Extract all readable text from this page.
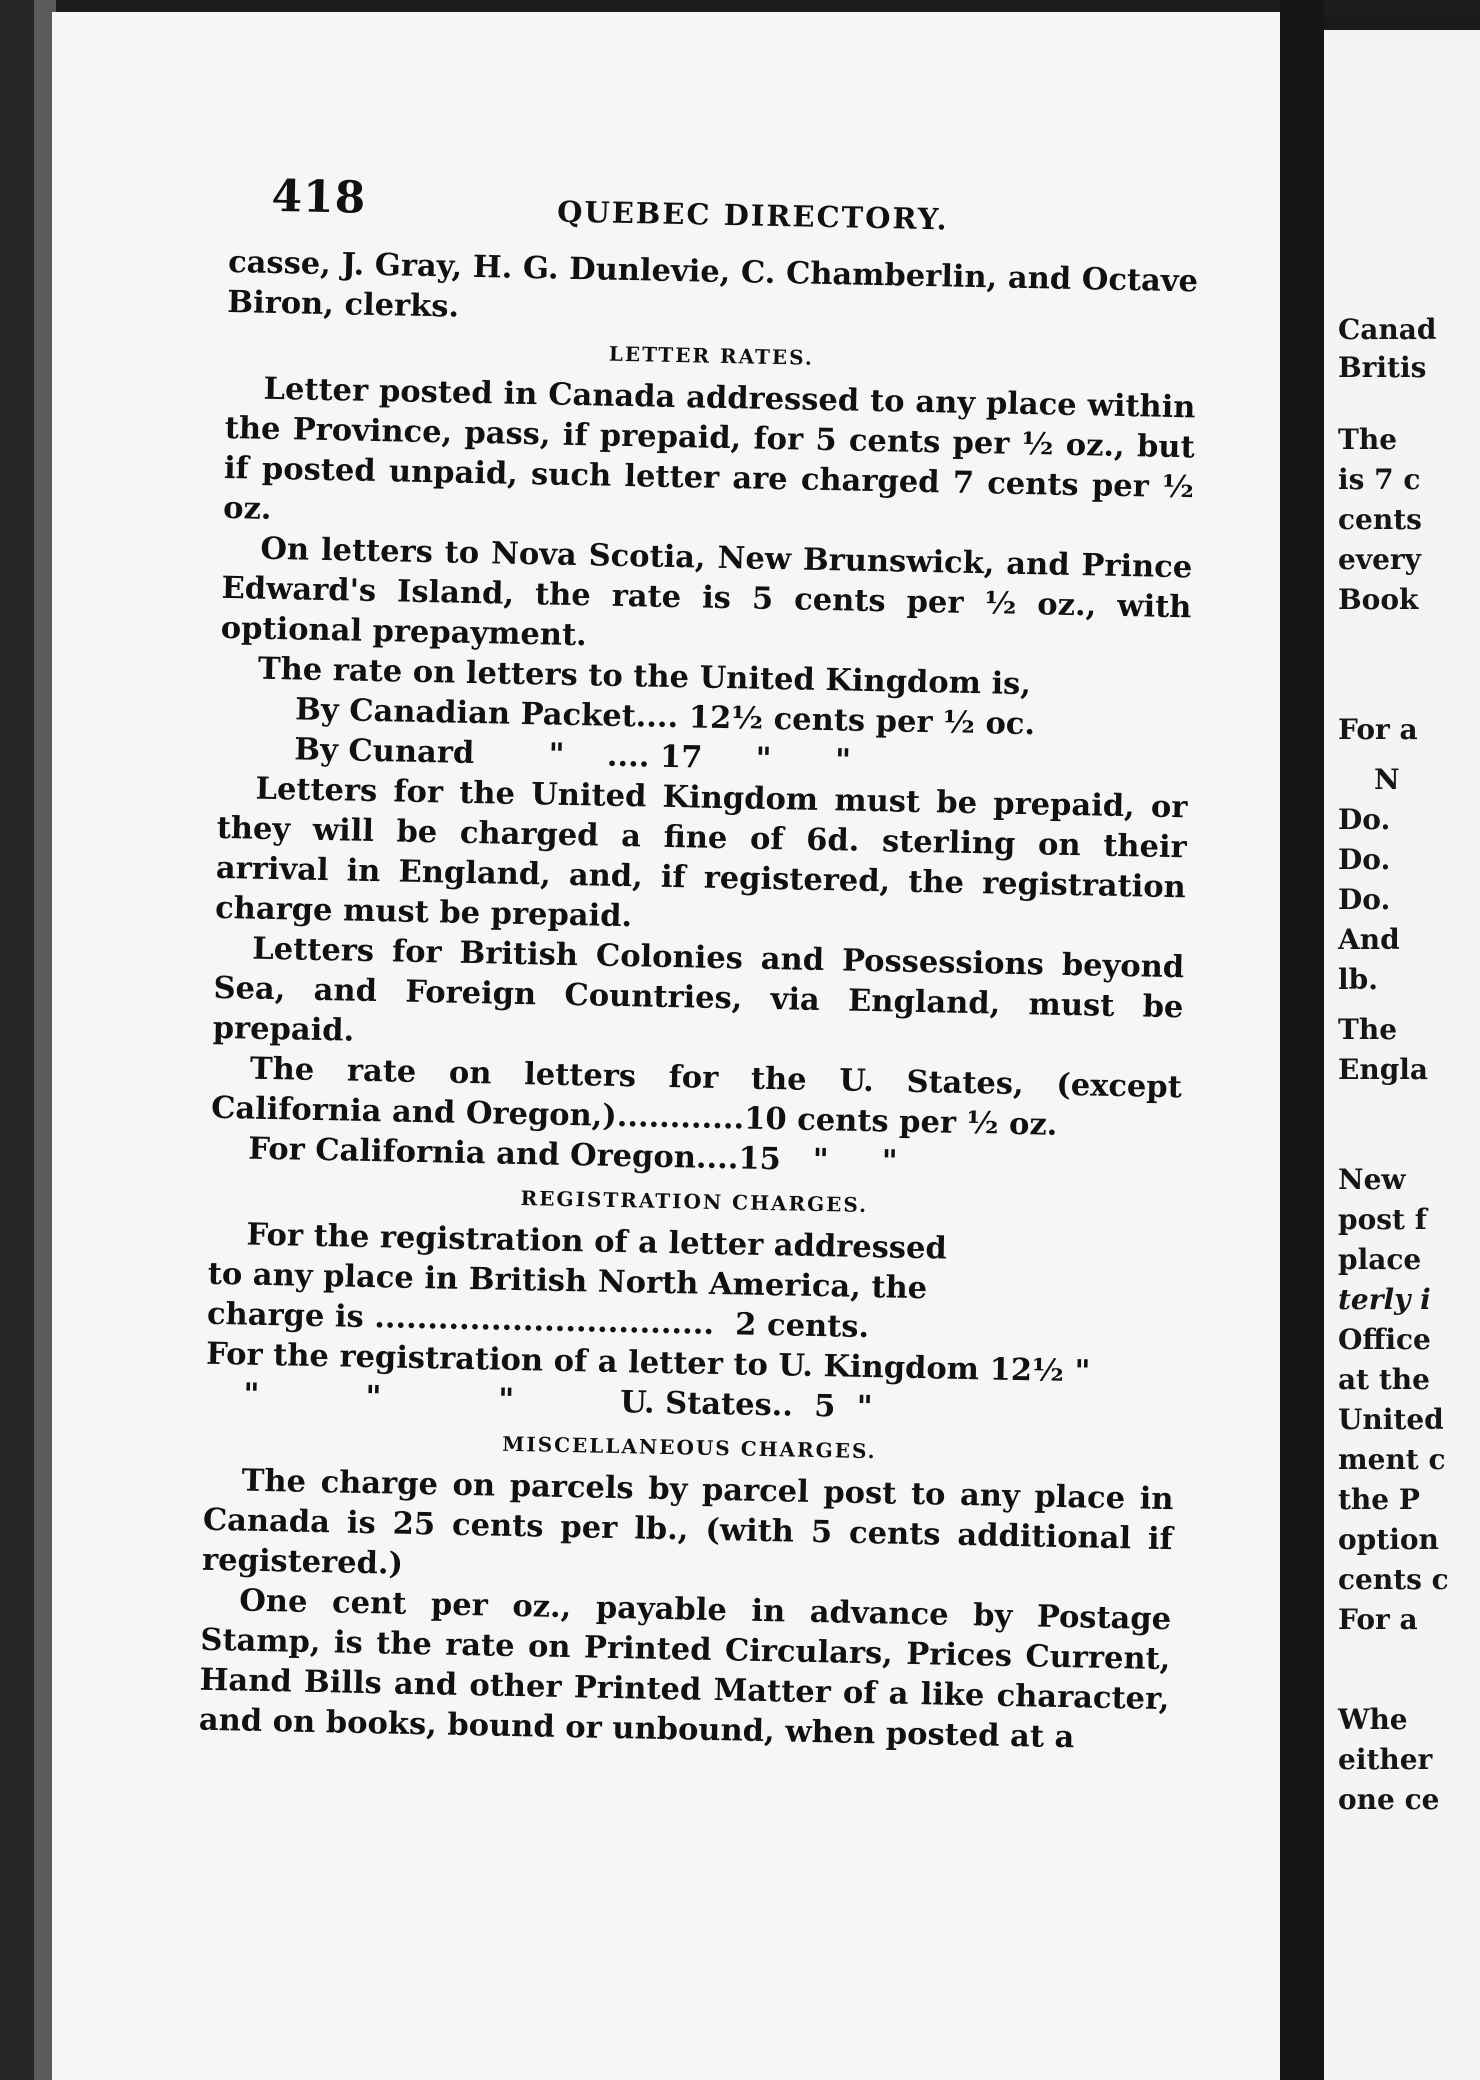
418	QUEBEC DIRECTORY.

casse, J. Gray, H. G. Dunlevie, C. Chamberlin, and Octave Biron, clerks.

LETTER RATES.

Letter posted in Canada addressed to any place within the Province, pass, if prepaid, for 5 cents per ½ oz., but if posted unpaid, such letter are charged 7 cents per ½ oz.

On letters to Nova Scotia, New Brunswick, and Prince Edward's Island, the rate is 5 cents per ½ oz., with optional prepayment.

The rate on letters to the United Kingdom is,
By Canadian Packet.... 12½ cents per ½ oc.
By Cunard       "    .... 17     "      "

Letters for the United Kingdom must be prepaid, or they will be charged a fine of 6d. sterling on their arrival in England, and, if registered, the registration charge must be prepaid.

Letters for British Colonies and Possessions beyond Sea, and Foreign Countries, via England, must be prepaid.

The rate on letters for the U. States, (except California and Oregon,)............10 cents per ½ oz.

For California and Oregon....15   "     "
REGISTRATION CHARGES.
For the registration of a letter addressed
to any place in British North America, the
charge is ................................  2 cents.
For the registration of a letter to U. Kingdom 12½ "
"          "           "          U. States..  5  "
MISCELLANEOUS CHARGES.

The charge on parcels by parcel post to any place in Canada is 25 cents per lb., (with 5 cents additional if registered.)

One cent per oz., payable in advance by Postage Stamp, is the rate on Printed Circulars, Prices Current, Hand Bills and other Printed Matter of a like character, and on books, bound or unbound, when posted at a

Canad
Britis
The
is 7 c
cents
every
Book
For a
N
Do.
Do.
Do.
And
lb.
The
Engla
New
post f
place
terly i
Office
at the
United
ment c
the P
option
cents c
For a
Whe
either
one ce
